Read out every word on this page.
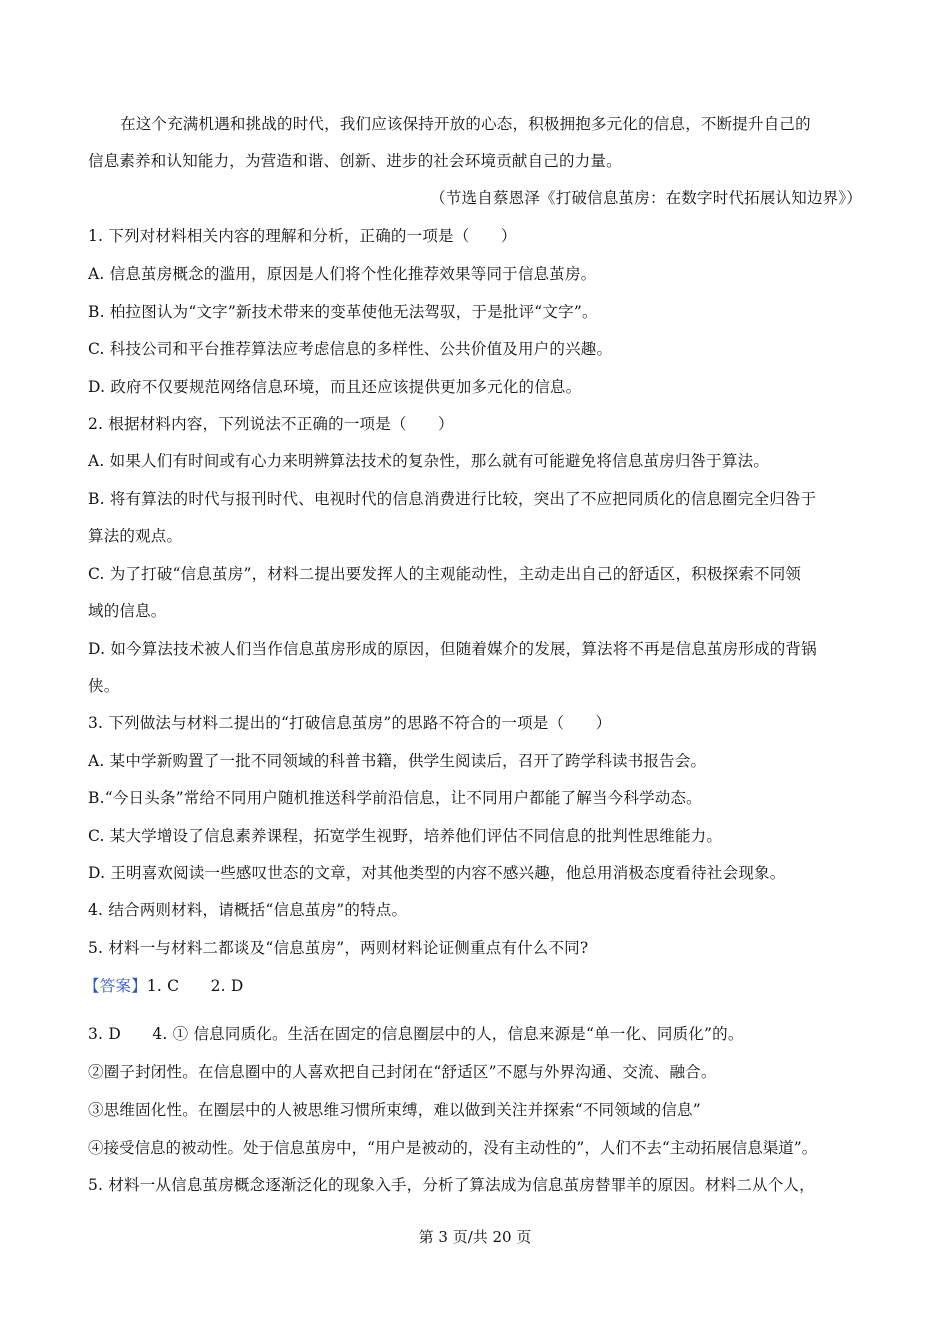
在这个充满机遇和挑战的时代，我们应该保持开放的心态，积极拥抱多元化的信息，不断提升自己的
信息素养和认知能力，为营造和谐、创新、进步的社会环境贡献自己的力量。
（节选自蔡恩泽《打破信息茧房：在数字时代拓展认知边界》）
1. 下列对材料相关内容的理解和分析，正确的一项是（　　）
A. 信息茧房概念的滥用，原因是人们将个性化推荐效果等同于信息茧房。
B. 柏拉图认为“文字”新技术带来的变革使他无法驾驭，于是批评“文字”。
C. 科技公司和平台推荐算法应考虑信息的多样性、公共价值及用户的兴趣。
D. 政府不仅要规范网络信息环境，而且还应该提供更加多元化的信息。
2. 根据材料内容，下列说法不正确的一项是（　　）
A. 如果人们有时间或有心力来明辨算法技术的复杂性，那么就有可能避免将信息茧房归咎于算法。
B. 将有算法的时代与报刊时代、电视时代的信息消费进行比较，突出了不应把同质化的信息圈完全归咎于
算法的观点。
C. 为了打破“信息茧房”，材料二提出要发挥人的主观能动性，主动走出自己的舒适区，积极探索不同领
域的信息。
D. 如今算法技术被人们当作信息茧房形成的原因，但随着媒介的发展，算法将不再是信息茧房形成的背锅
侠。
3. 下列做法与材料二提出的“打破信息茧房”的思路不符合的一项是（　　）
A. 某中学新购置了一批不同领域的科普书籍，供学生阅读后，召开了跨学科读书报告会。
B.“今日头条”常给不同用户随机推送科学前沿信息，让不同用户都能了解当今科学动态。
C. 某大学增设了信息素养课程，拓宽学生视野，培养他们评估不同信息的批判性思维能力。
D. 王明喜欢阅读一些感叹世态的文章，对其他类型的内容不感兴趣，他总用消极态度看待社会现象。
4. 结合两则材料，请概括“信息茧房”的特点。
5. 材料一与材料二都谈及“信息茧房”，两则材料论证侧重点有什么不同?
【答案】1. C　　2. D
3. D　　4. ① 信息同质化。生活在固定的信息圈层中的人，信息来源是“单一化、同质化”的。
②圈子封闭性。在信息圈中的人喜欢把自己封闭在“舒适区”不愿与外界沟通、交流、融合。
③思维固化性。在圈层中的人被思维习惯所束缚，难以做到关注并探索“不同领域的信息”
④接受信息的被动性。处于信息茧房中，“用户是被动的，没有主动性的”，人们不去“主动拓展信息渠道”。
5. 材料一从信息茧房概念逐渐泛化的现象入手，分析了算法成为信息茧房替罪羊的原因。材料二从个人，
第 3 页/共 20 页
